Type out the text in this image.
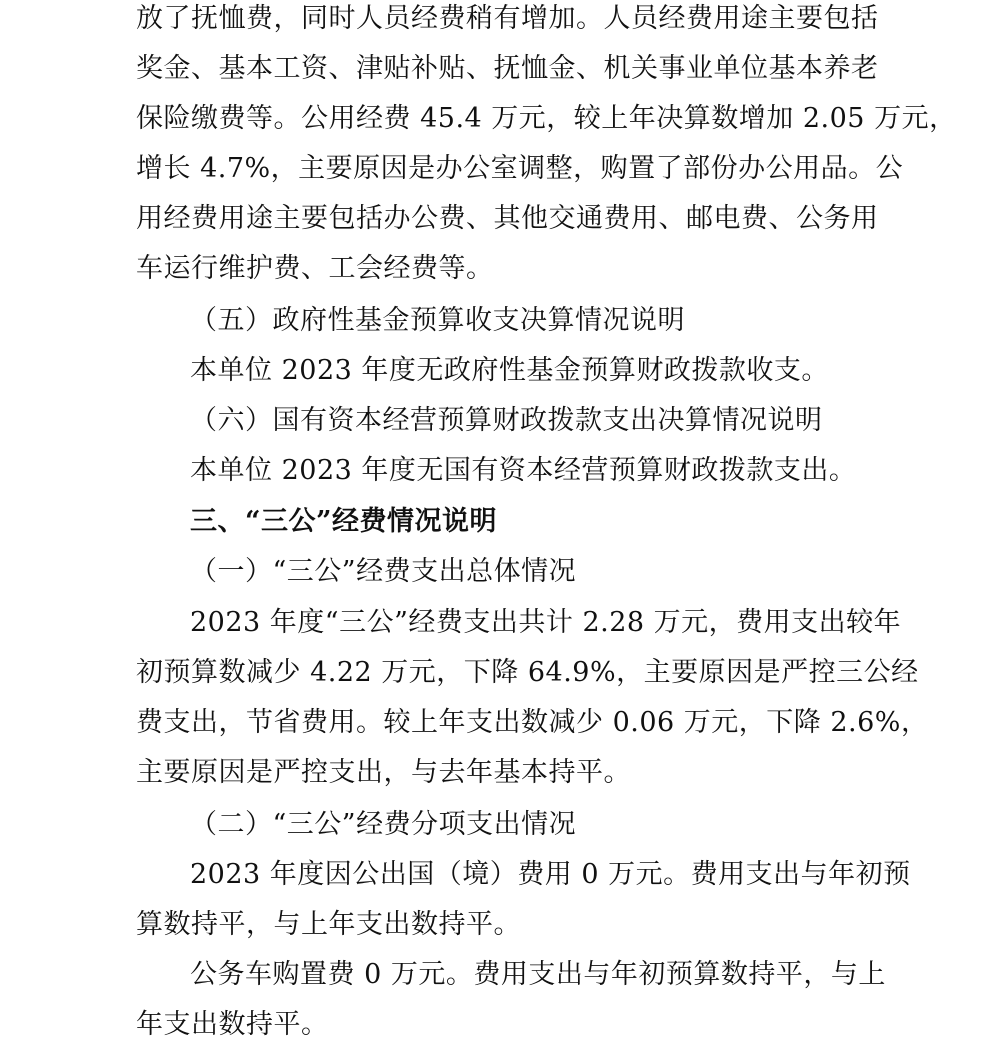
放了抚恤费，同时人员经费稍有增加。人员经费用途主要包括
奖金、基本工资、津贴补贴、抚恤金、机关事业单位基本养老
保险缴费等。公用经费 45.4 万元，较上年决算数增加 2.05 万元，
增长 4.7%，主要原因是办公室调整，购置了部份办公用品。公
用经费用途主要包括办公费、其他交通费用、邮电费、公务用
车运行维护费、工会经费等。
（五）政府性基金预算收支决算情况说明
本单位 2023 年度无政府性基金预算财政拨款收支。
（六）国有资本经营预算财政拨款支出决算情况说明
本单位 2023 年度无国有资本经营预算财政拨款支出。
三、“三公”经费情况说明
（一）“三公”经费支出总体情况
2023 年度“三公”经费支出共计 2.28 万元，费用支出较年
初预算数减少 4.22 万元，下降 64.9%，主要原因是严控三公经
费支出，节省费用。较上年支出数减少 0.06 万元，下降 2.6%，
主要原因是严控支出，与去年基本持平。
（二）“三公”经费分项支出情况
2023 年度因公出国（境）费用 0 万元。费用支出与年初预
算数持平，与上年支出数持平。
公务车购置费 0 万元。费用支出与年初预算数持平，与上
年支出数持平。
